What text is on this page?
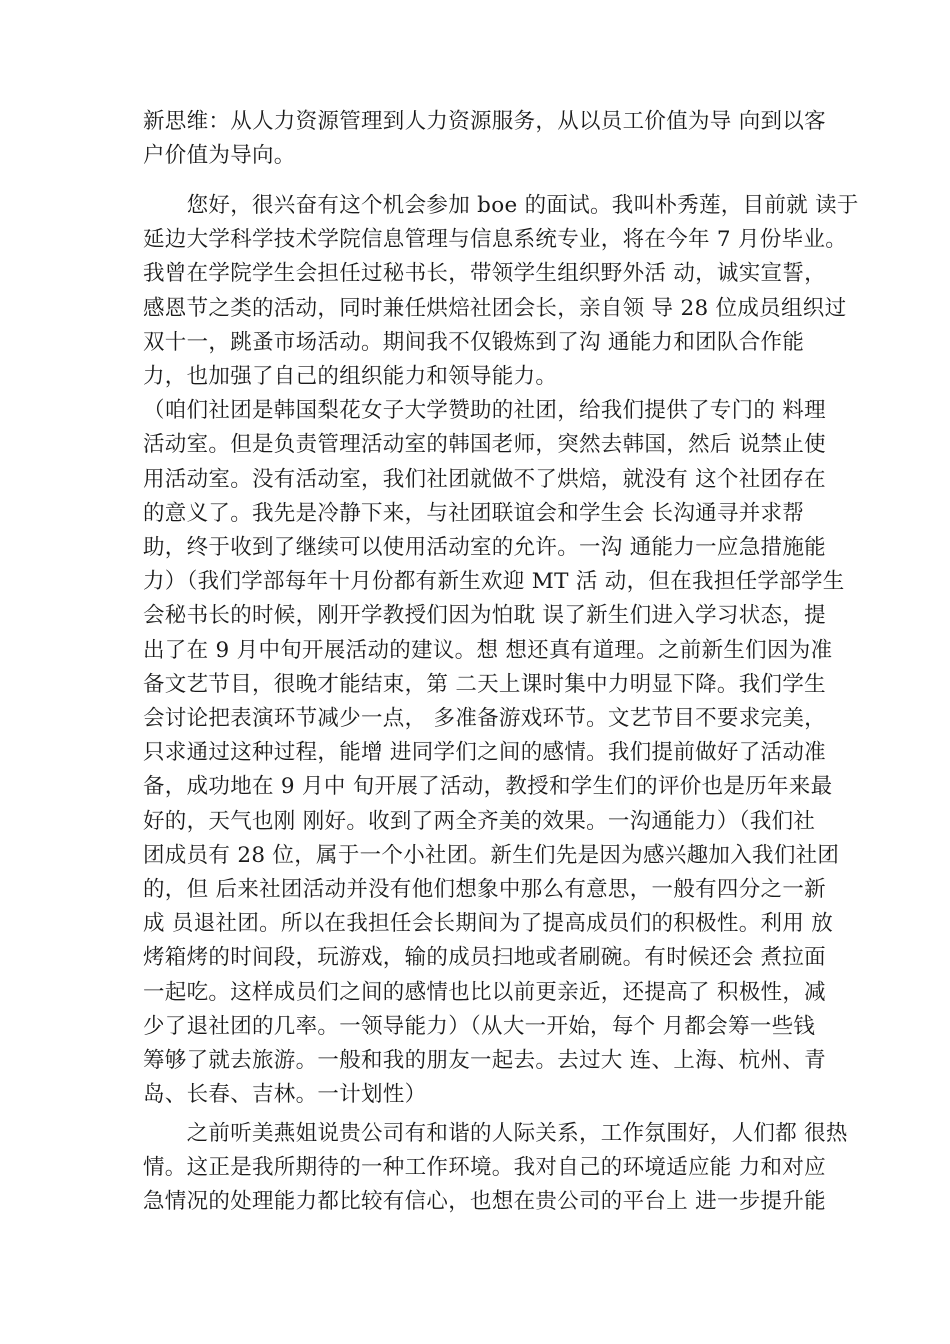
新思维：从人力资源管理到人力资源服务，从以员工价值为导 向到以客
户价值为导向。
　　您好，很兴奋有这个机会参加 boe 的面试。我叫朴秀莲，目前就 读于
延边大学科学技术学院信息管理与信息系统专业，将在今年 7 月份毕业。
我曾在学院学生会担任过秘书长，带领学生组织野外活 动，诚实宣誓，
感恩节之类的活动，同时兼任烘焙社团会长，亲自领 导 28 位成员组织过
双十一，跳蚤市场活动。期间我不仅锻炼到了沟 通能力和团队合作能
力，也加强了自己的组织能力和领导能力。
（咱们社团是韩国梨花女子大学赞助的社团，给我们提供了专门的 料理
活动室。但是负责管理活动室的韩国老师，突然去韩国，然后 说禁止使
用活动室。没有活动室，我们社团就做不了烘焙，就没有 这个社团存在
的意义了。我先是冷静下来，与社团联谊会和学生会 长沟通寻并求帮
助，终于收到了继续可以使用活动室的允许。一沟 通能力一应急措施能
力）（我们学部每年十月份都有新生欢迎 MT 活 动，但在我担任学部学生
会秘书长的时候，刚开学教授们因为怕耽 误了新生们进入学习状态，提
出了在 9 月中旬开展活动的建议。想 想还真有道理。之前新生们因为准
备文艺节目，很晚才能结束，第 二天上课时集中力明显下降。我们学生
会讨论把表演环节减少一点， 多准备游戏环节。文艺节目不要求完美，
只求通过这种过程，能增 进同学们之间的感情。我们提前做好了活动准
备，成功地在 9 月中 旬开展了活动，教授和学生们的评价也是历年来最
好的，天气也刚 刚好。收到了两全齐美的效果。一沟通能力）（我们社
团成员有 28 位，属于一个小社团。新生们先是因为感兴趣加入我们社团
的，但 后来社团活动并没有他们想象中那么有意思，一般有四分之一新
成 员退社团。所以在我担任会长期间为了提高成员们的积极性。利用 放
烤箱烤的时间段，玩游戏，输的成员扫地或者刷碗。有时候还会 煮拉面
一起吃。这样成员们之间的感情也比以前更亲近，还提高了 积极性，减
少了退社团的几率。一领导能力）（从大一开始，每个 月都会筹一些钱
筹够了就去旅游。一般和我的朋友一起去。去过大 连、上海、杭州、青
岛、长春、吉林。一计划性）
　　之前听美燕姐说贵公司有和谐的人际关系，工作氛围好，人们都 很热
情。这正是我所期待的一种工作环境。我对自己的环境适应能 力和对应
急情况的处理能力都比较有信心，也想在贵公司的平台上 进一步提升能
